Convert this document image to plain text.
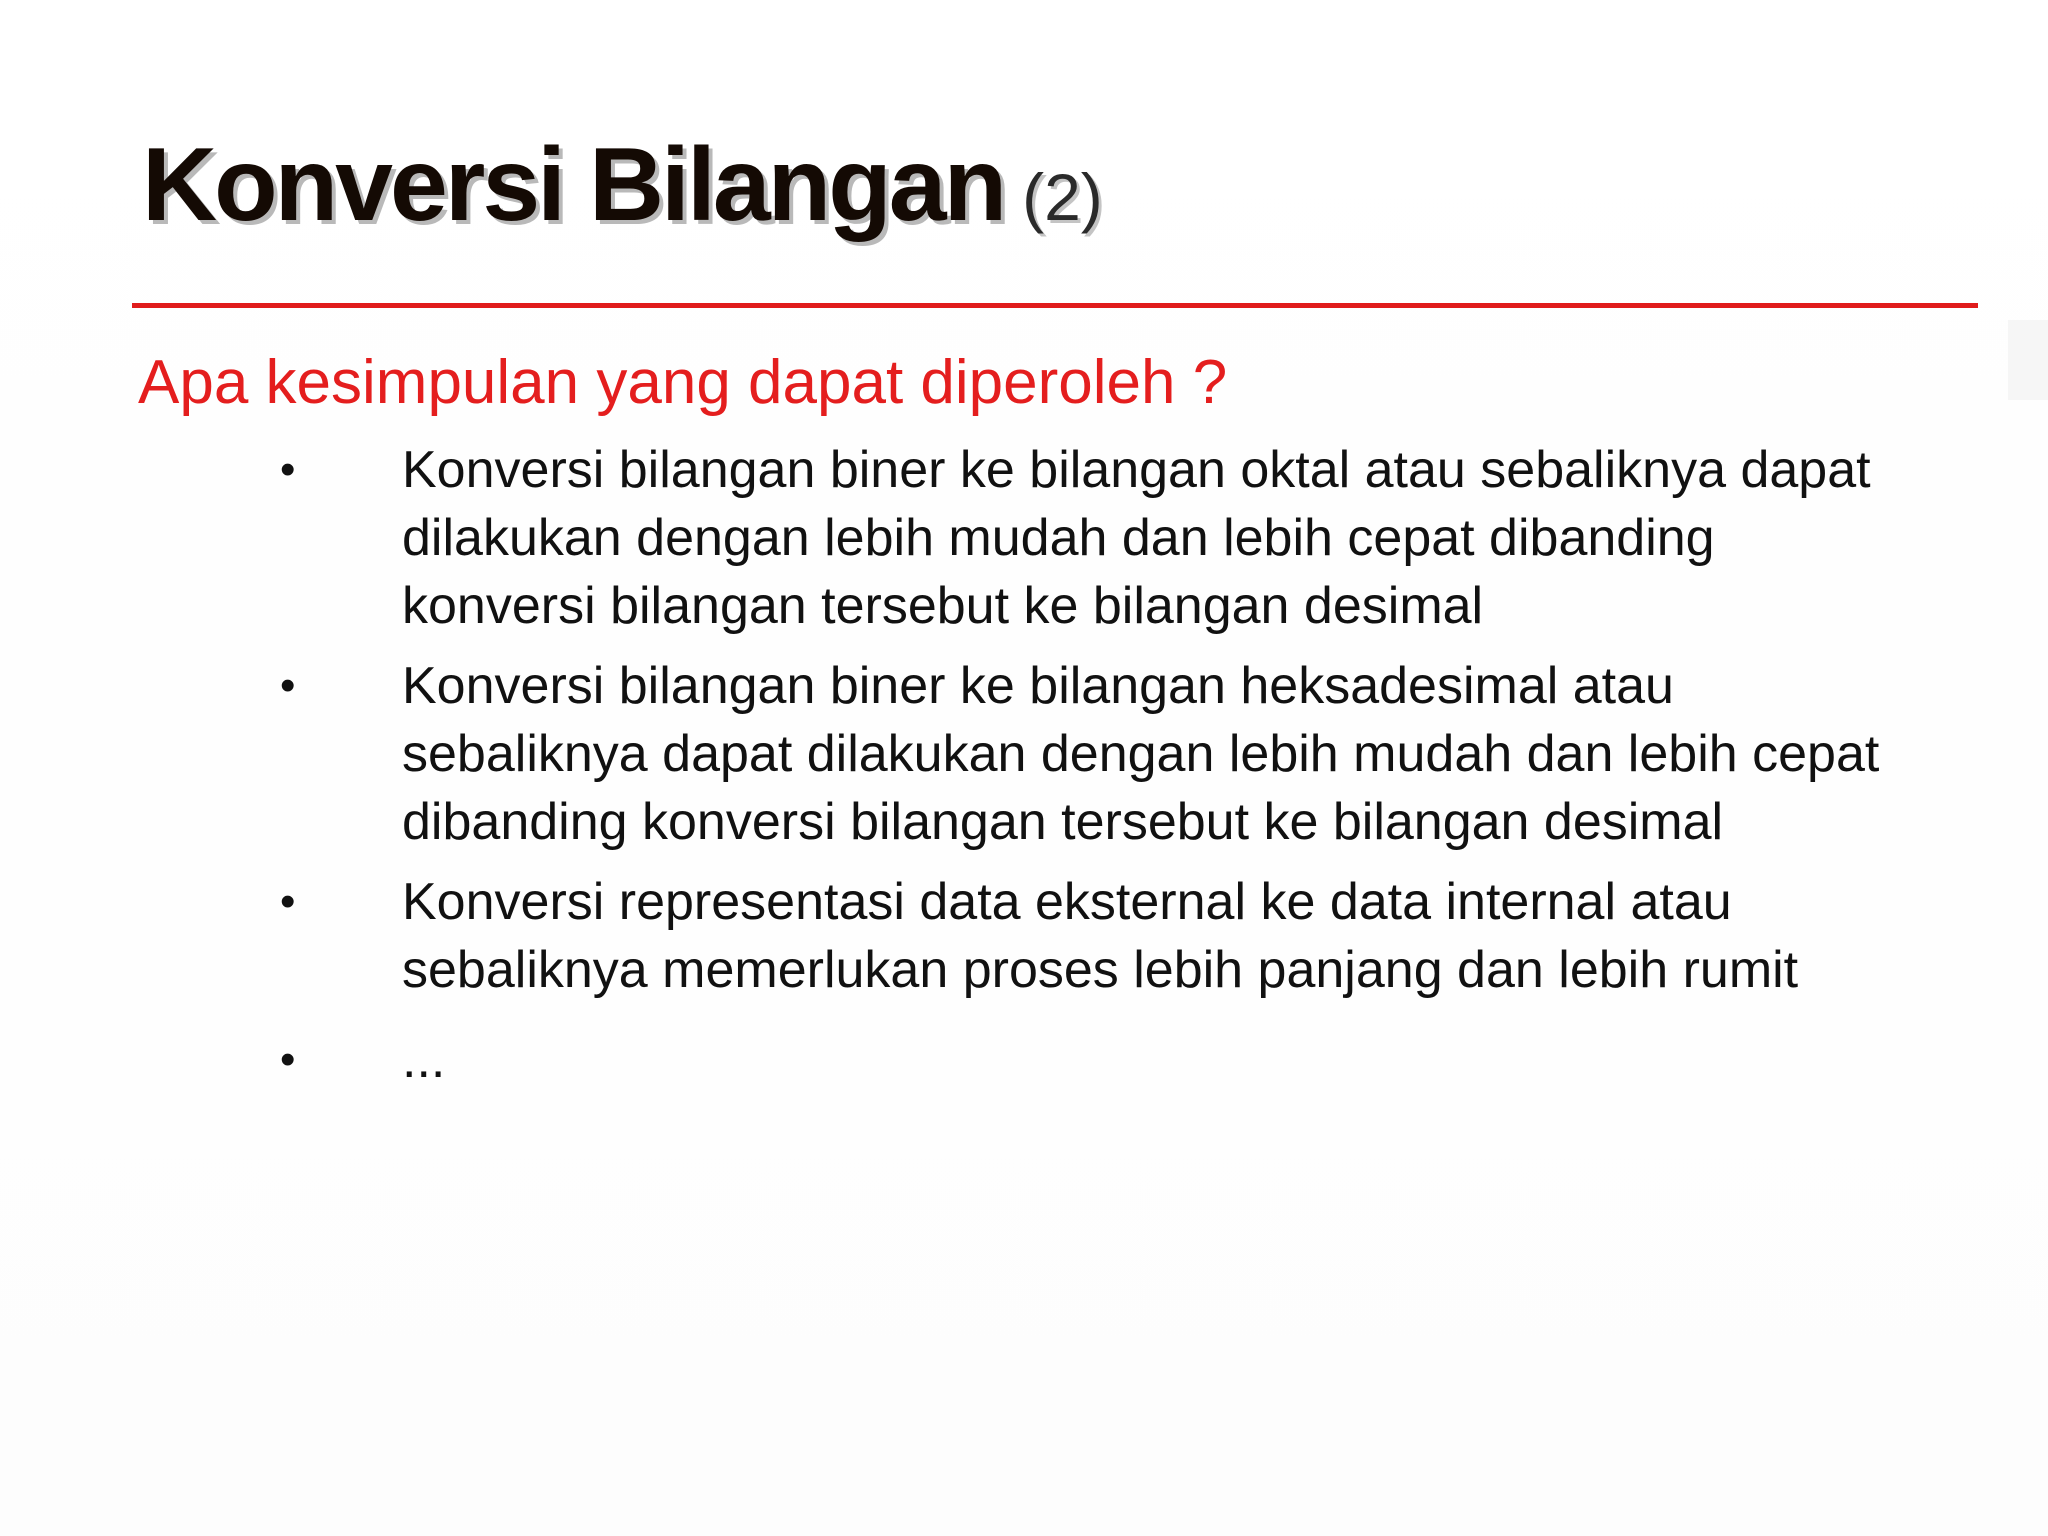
Konversi Bilangan (2)

Apa kesimpulan yang dapat diperoleh ?

•	Konversi bilangan biner ke bilangan oktal atau sebaliknya dapat dilakukan dengan lebih mudah dan lebih cepat dibanding konversi bilangan tersebut ke bilangan desimal
•	Konversi bilangan biner ke bilangan heksadesimal atau sebaliknya dapat dilakukan dengan lebih mudah dan lebih cepat dibanding konversi bilangan tersebut ke bilangan desimal
•	Konversi representasi data eksternal ke data internal atau sebaliknya memerlukan proses lebih panjang dan lebih rumit
•	...
